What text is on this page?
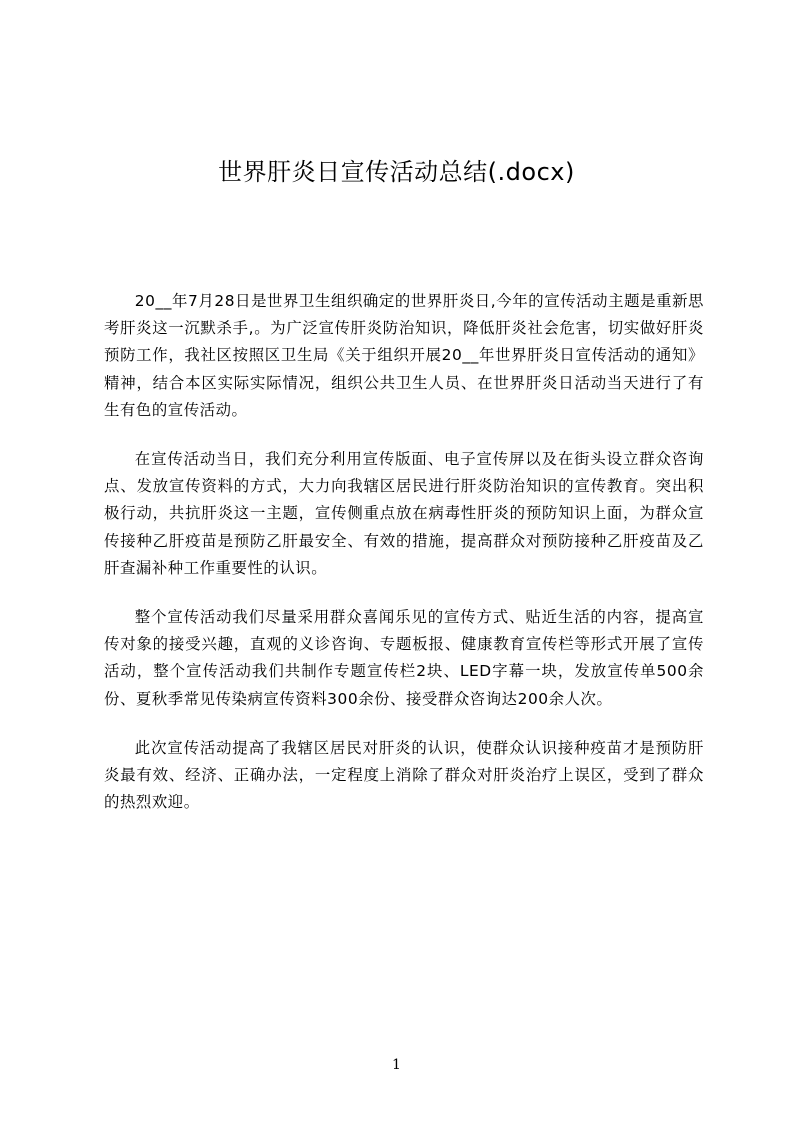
世界肝炎日宣传活动总结(.docx)

20__年7月28日是世界卫生组织确定的世界肝炎日,今年的宣传活动主题是重新思考肝炎这一沉默杀手,。为广泛宣传肝炎防治知识，降低肝炎社会危害，切实做好肝炎预防工作，我社区按照区卫生局《关于组织开展20__年世界肝炎日宣传活动的通知》精神，结合本区实际实际情况，组织公共卫生人员、在世界肝炎日活动当天进行了有生有色的宣传活动。

在宣传活动当日，我们充分利用宣传版面、电子宣传屏以及在街头设立群众咨询点、发放宣传资料的方式，大力向我辖区居民进行肝炎防治知识的宣传教育。突出积极行动，共抗肝炎这一主题，宣传侧重点放在病毒性肝炎的预防知识上面，为群众宣传接种乙肝疫苗是预防乙肝最安全、有效的措施，提高群众对预防接种乙肝疫苗及乙肝查漏补种工作重要性的认识。

整个宣传活动我们尽量采用群众喜闻乐见的宣传方式、贴近生活的内容，提高宣传对象的接受兴趣，直观的义诊咨询、专题板报、健康教育宣传栏等形式开展了宣传活动，整个宣传活动我们共制作专题宣传栏2块、LED字幕一块，发放宣传单500余份、夏秋季常见传染病宣传资料300余份、接受群众咨询达200余人次。

此次宣传活动提高了我辖区居民对肝炎的认识，使群众认识接种疫苗才是预防肝炎最有效、经济、正确办法，一定程度上消除了群众对肝炎治疗上误区，受到了群众的热烈欢迎。

1
